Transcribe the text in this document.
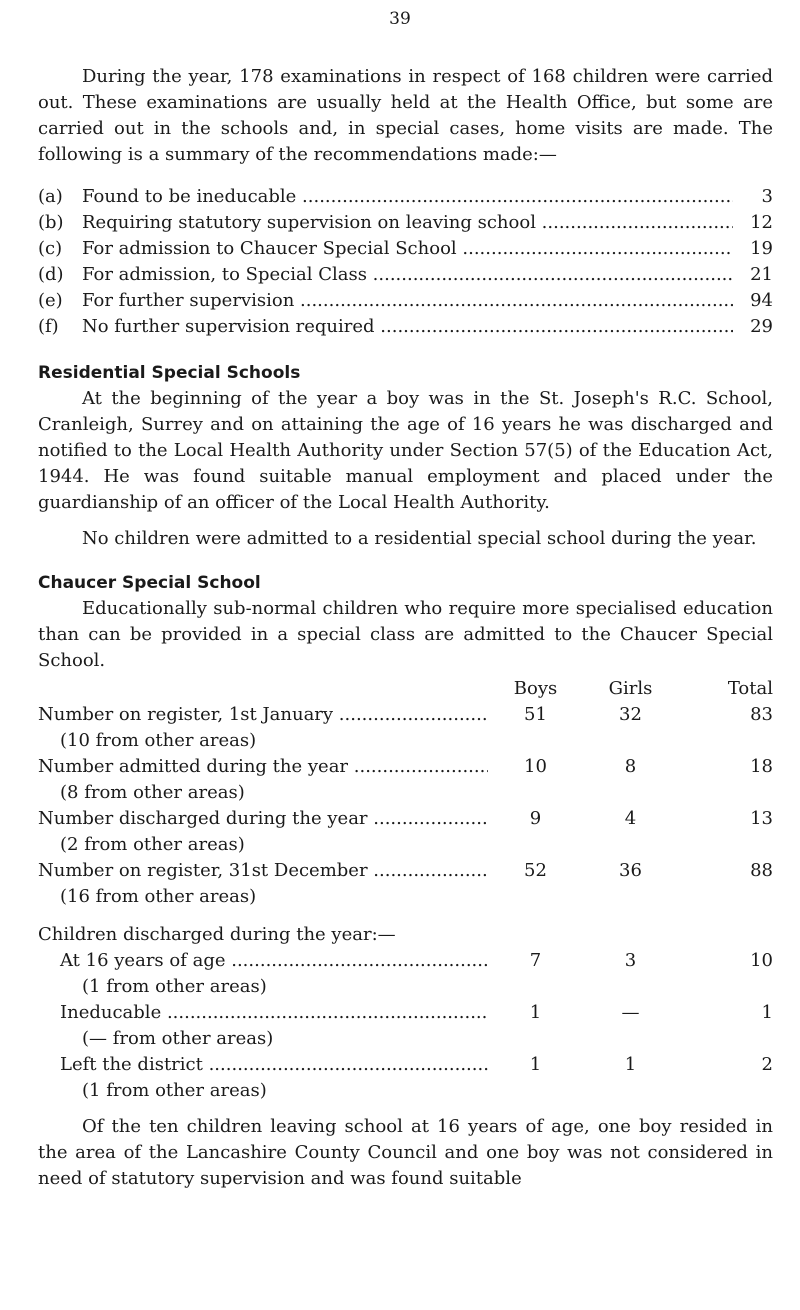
39

During the year, 178 examinations in respect of 168 children were carried out. These examinations are usually held at the Health Office, but some are carried out in the schools and, in special cases, home visits are made. The following is a summary of the recommendations made:—

(a)	Found to be ineducable .....	3
(b)	Requiring statutory supervision on leaving school .....	12
(c)	For admission to Chaucer Special School .....	19
(d)	For admission, to Special Class .....	21
(e)	For further supervision .....	94
(f)	No further supervision required .....	29
Residential Special Schools

At the beginning of the year a boy was in the St. Joseph's R.C. School, Cranleigh, Surrey and on attaining the age of 16 years he was discharged and notified to the Local Health Authority under Section 57(5) of the Education Act, 1944. He was found suitable manual employment and placed under the guardianship of an officer of the Local Health Authority.

No children were admitted to a residential special school during the year.

Chaucer Special School

Educationally sub-normal children who require more specialised education than can be provided in a special class are admitted to the Chaucer Special School.

Boys	Girls	Total
Number on register, 1st January .....	51	32	83
(10 from other areas)
Number admitted during the year .....	10	8	18
(8 from other areas)
Number discharged during the year .....	9	4	13
(2 from other areas)
Number on register, 31st December .....	52	36	88
(16 from other areas)
Children discharged during the year:—
At 16 years of age .....	7	3	10
(1 from other areas)
Ineducable .....	1	—	1
(— from other areas)
Left the district .....	1	1	2
(1 from other areas)

Of the ten children leaving school at 16 years of age, one boy resided in the area of the Lancashire County Council and one boy was not considered in need of statutory supervision and was found suitable
